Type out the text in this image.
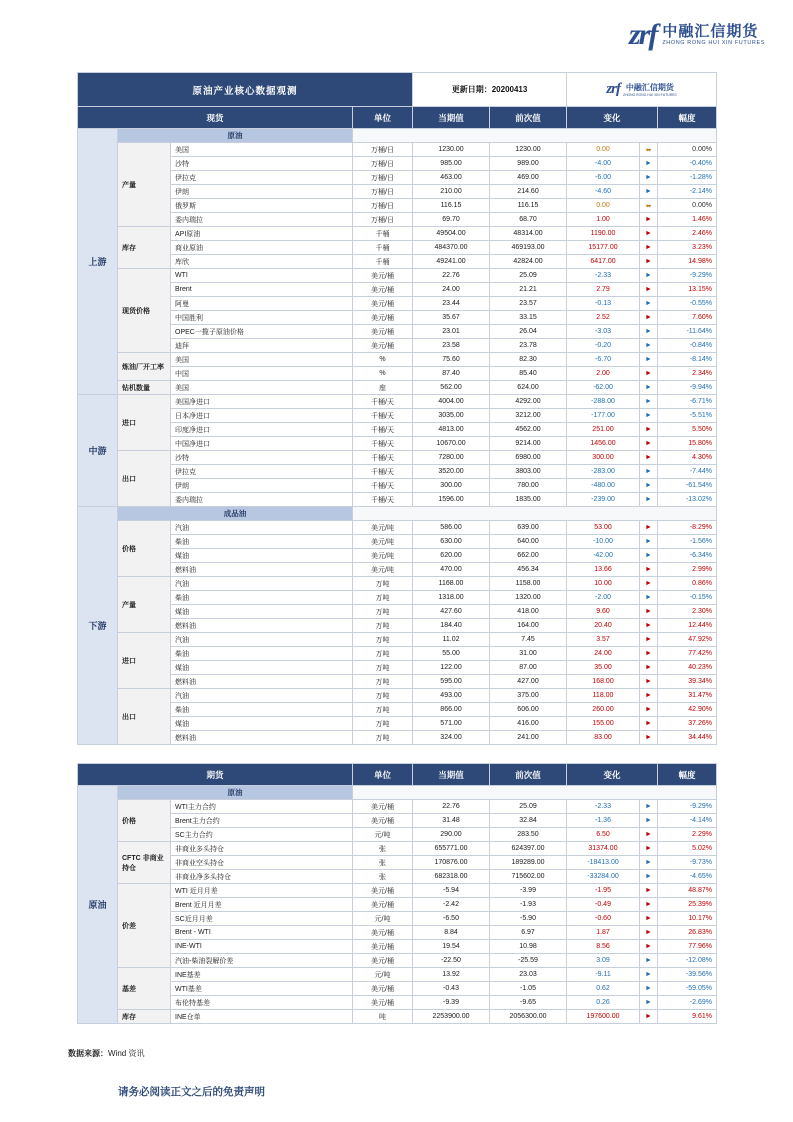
zrf 中融汇信期货
ZHONG RONG HUI XIN FUTURES
原油产业核心数据观测				更新日期：20200413		zrf 中融汇信期货
ZHONG RONG HUI XIN FUTURES		

现货			单位	当期值	前次值	变化		幅度
上游	原油							
	产量	美国	万桶/日	1230.00	1230.00	0.00	⬌	0.00%
		沙特	万桶/日	985.00	989.00	-4.00	►	-0.40%
		伊拉克	万桶/日	463.00	469.00	-6.00	►	-1.28%
		伊朗	万桶/日	210.00	214.60	-4.60	►	-2.14%
		俄罗斯	万桶/日	116.15	116.15	0.00	⬌	0.00%
		委内瑞拉	万桶/日	69.70	68.70	1.00	►	1.46%
	库存	API原油	千桶	49504.00	48314.00	1190.00	►	2.46%
		商业原油	千桶	484370.00	469193.00	15177.00	►	3.23%
		库欣	千桶	49241.00	42824.00	6417.00	►	14.98%
	现货价格	WTI	美元/桶	22.76	25.09	-2.33	►	-9.29%
		Brent	美元/桶	24.00	21.21	2.79	►	13.15%
		阿曼	美元/桶	23.44	23.57	-0.13	►	-0.55%
		中国胜利	美元/桶	35.67	33.15	2.52	►	7.60%
		OPEC一揽子原油价格	美元/桶	23.01	26.04	-3.03	►	-11.64%
		迪拜	美元/桶	23.58	23.78	-0.20	►	-0.84%
	炼油厂开工率	美国	%	75.60	82.30	-6.70	►	-8.14%
		中国	%	87.40	85.40	2.00	►	2.34%
	钻机数量	美国	座	562.00	624.00	-62.00	►	-9.94%
中游	进口	美国净进口	千桶/天	4004.00	4292.00	-288.00	►	-6.71%
		日本净进口	千桶/天	3035.00	3212.00	-177.00	►	-5.51%
		印度净进口	千桶/天	4813.00	4562.00	251.00	►	5.50%
		中国净进口	千桶/天	10670.00	9214.00	1456.00	►	15.80%
	出口	沙特	千桶/天	7280.00	6980.00	300.00	►	4.30%
		伊拉克	千桶/天	3520.00	3803.00	-283.00	►	-7.44%
		伊朗	千桶/天	300.00	780.00	-480.00	►	-61.54%
		委内瑞拉	千桶/天	1596.00	1835.00	-239.00	►	-13.02%
下游	成品油							
	价格	汽油	美元/吨	586.00	639.00	53.00	►	-8.29%
		柴油	美元/吨	630.00	640.00	-10.00	►	-1.56%
		煤油	美元/吨	620.00	662.00	-42.00	►	-6.34%
		燃料油	美元/吨	470.00	456.34	13.66	►	2.99%
	产量	汽油	万吨	1168.00	1158.00	10.00	►	0.86%
		柴油	万吨	1318.00	1320.00	-2.00	►	-0.15%
		煤油	万吨	427.60	418.00	9.60	►	2.30%
		燃料油	万吨	184.40	164.00	20.40	►	12.44%
	进口	汽油	万吨	11.02	7.45	3.57	►	47.92%
		柴油	万吨	55.00	31.00	24.00	►	77.42%
		煤油	万吨	122.00	87.00	35.00	►	40.23%
		燃料油	万吨	595.00	427.00	168.00	►	39.34%
	出口	汽油	万吨	493.00	375.00	118.00	►	31.47%
		柴油	万吨	866.00	606.00	260.00	►	42.90%
		煤油	万吨	571.00	416.00	155.00	►	37.26%
		燃料油	万吨	324.00	241.00	83.00	►	34.44%
期货			单位	当期值	前次值	变化		幅度
原油	原油							
	价格	WTI主力合约	美元/桶	22.76	25.09	-2.33	►	-9.29%
		Brent主力合约	美元/桶	31.48	32.84	-1.36	►	-4.14%
		SC主力合约	元/吨	290.00	283.50	6.50	►	2.29%
	CFTC 非商业持仓	非商业多头持仓	张	655771.00	624397.00	31374.00	►	5.02%
		非商业空头持仓	张	170876.00	189289.00	-18413.00	►	-9.73%
		非商业净多头持仓	张	682318.00	715602.00	-33284.00	►	-4.65%
	价差	WTI 近月月差	美元/桶	-5.94	-3.99	-1.95	►	48.87%
		Brent 近月月差	美元/桶	-2.42	-1.93	-0.49	►	25.39%
		SC近月月差	元/吨	-6.50	-5.90	-0.60	►	10.17%
		Brent - WTI	美元/桶	8.84	6.97	1.87	►	26.83%
		INE-WTI	美元/桶	19.54	10.98	8.56	►	77.96%
		汽油-柴油裂解价差	美元/桶	-22.50	-25.59	3.09	►	-12.08%
	基差	INE基差	元/吨	13.92	23.03	-9.11	►	-39.56%
		WTI基差	美元/桶	-0.43	-1.05	0.62	►	-59.05%
		布伦特基差	美元/桶	-9.39	-9.65	0.26	►	-2.69%
	库存	INE仓单	吨	2253900.00	2056300.00	197600.00	►	9.61%
数据来源：Wind 资讯
请务必阅读正文之后的免责声明
